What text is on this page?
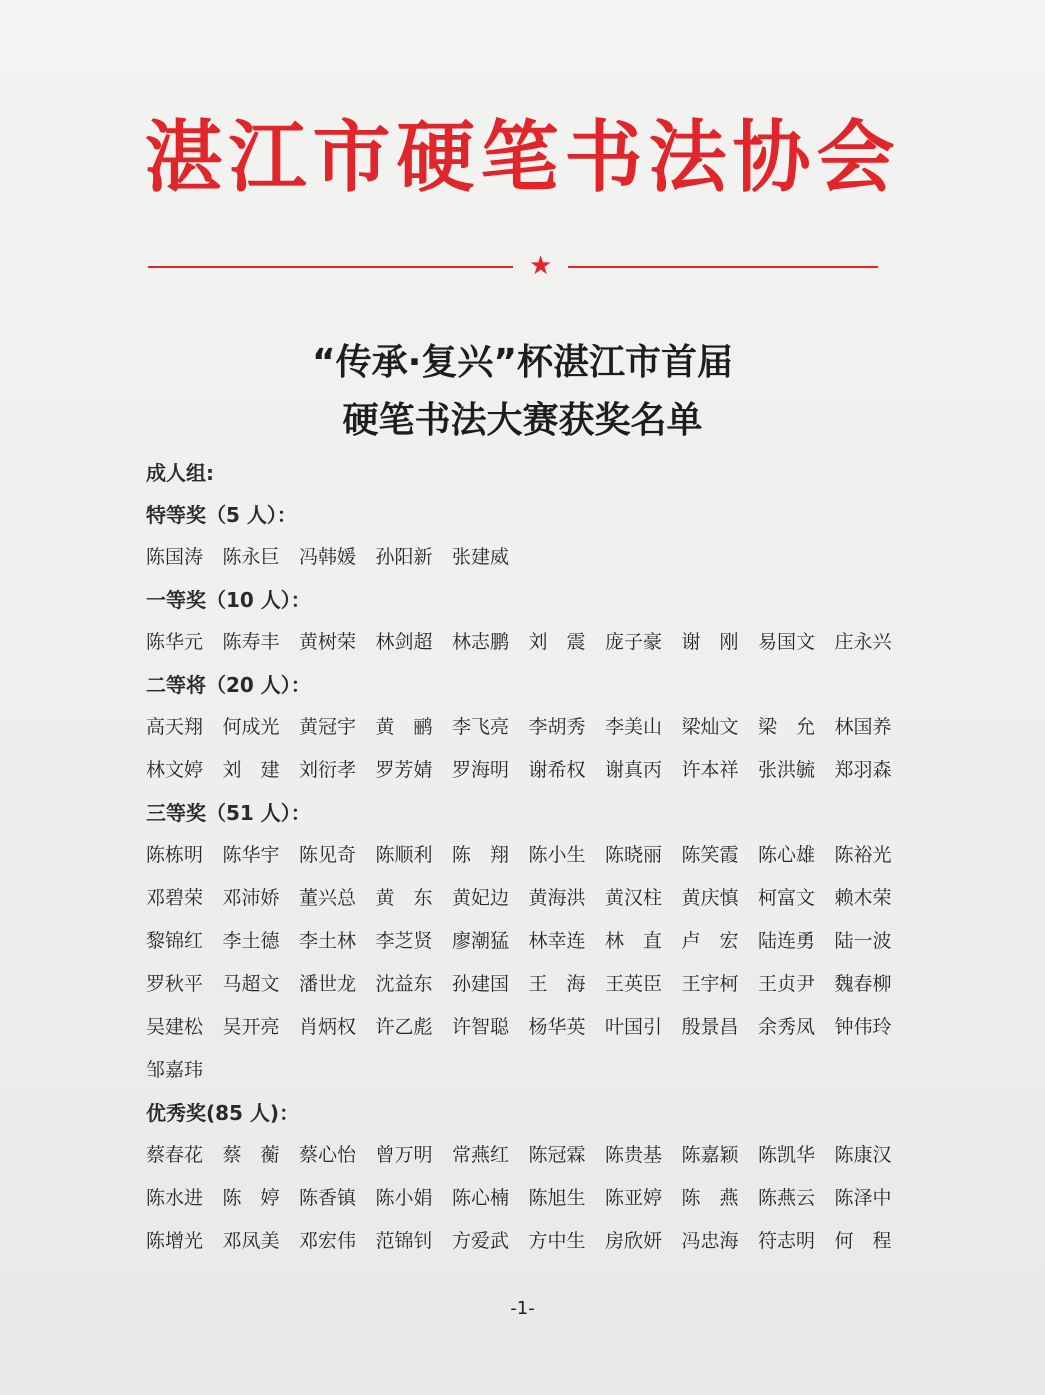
湛江市硬笔书法协会
★
“传承·复兴”杯湛江市首届
硬笔书法大赛获奖名单
成人组:
特等奖（5 人）：
陈国涛	陈永巨	冯韩媛	孙阳新	张建威
一等奖（10 人）：
陈华元	陈寿丰	黄树荣	林剑超	林志鹏	刘　震	庞子豪	谢　刚	易国文	庄永兴
二等将（20 人）：
高天翔	何成光	黄冠宇	黄　鹂	李飞亮	李胡秀	李美山	梁灿文	梁　允	林国养
林文婷	刘　建	刘衍孝	罗芳婧	罗海明	谢希权	谢真丙	许本祥	张洪毓	郑羽森
三等奖（51 人）：
陈栋明	陈华宇	陈见奇	陈顺利	陈　翔	陈小生	陈晓丽	陈笑霞	陈心雄	陈裕光
邓碧荣	邓沛娇	董兴总	黄　东	黄妃边	黄海洪	黄汉柱	黄庆慎	柯富文	赖木荣
黎锦红	李土德	李土林	李芝贤	廖潮猛	林幸连	林　直	卢　宏	陆连勇	陆一波
罗秋平	马超文	潘世龙	沈益东	孙建国	王　海	王英臣	王宇柯	王贞尹	魏春柳
吴建松	吴开亮	肖炳权	许乙彪	许智聪	杨华英	叶国引	殷景昌	余秀凤	钟伟玲
邹嘉玮
优秀奖(85 人)：
蔡春花	蔡　蘅	蔡心怡	曾万明	常燕红	陈冠霖	陈贵基	陈嘉颖	陈凯华	陈康汉
陈水进	陈　婷	陈香镇	陈小娟	陈心楠	陈旭生	陈亚婷	陈　燕	陈燕云	陈泽中
陈增光	邓凤美	邓宏伟	范锦钊	方爱武	方中生	房欣妍	冯忠海	符志明	何　程
-1-
